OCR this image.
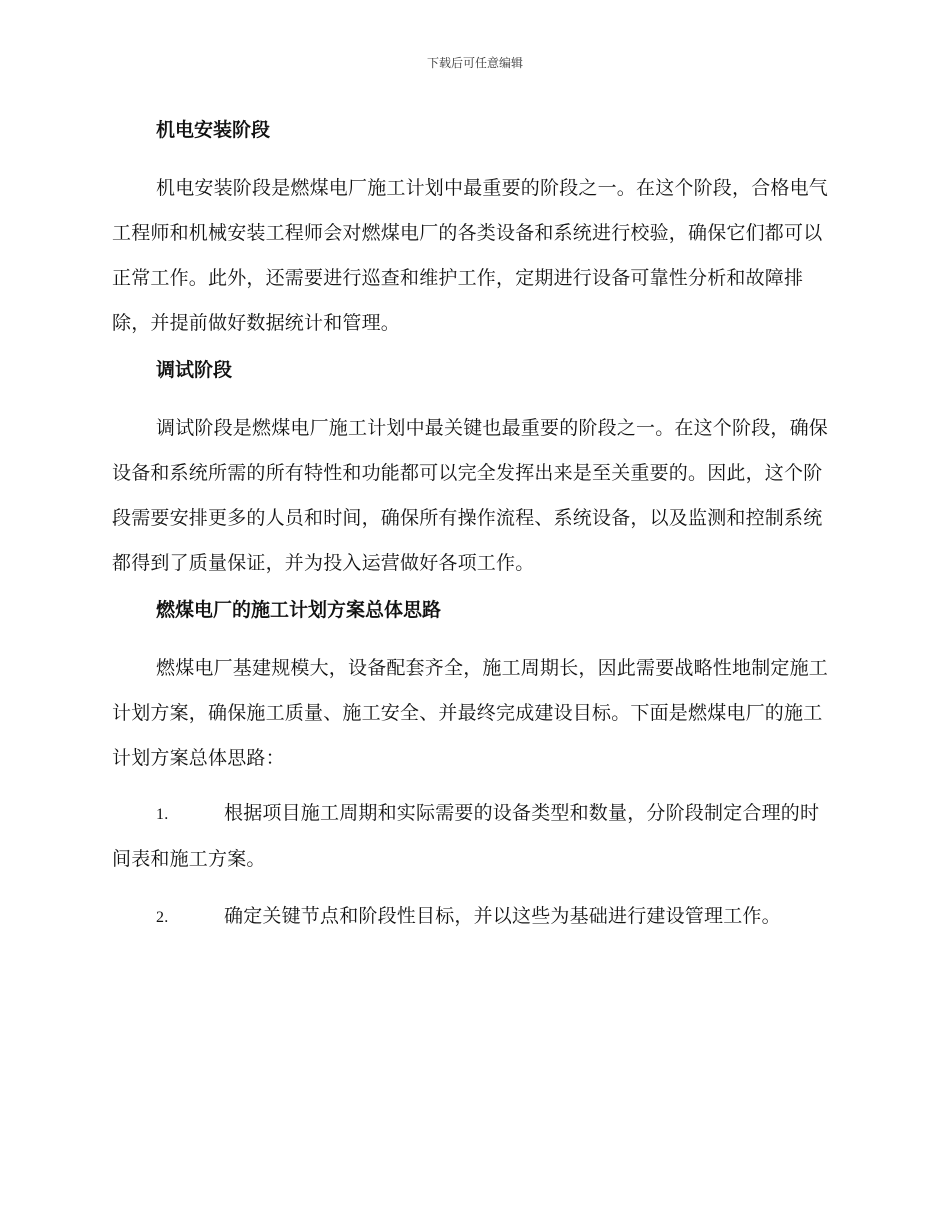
下载后可任意编辑
机电安装阶段

机电安装阶段是燃煤电厂施工计划中最重要的阶段之一。在这个阶段，合格电气工程师和机械安装工程师会对燃煤电厂的各类设备和系统进行校验，确保它们都可以正常工作。此外，还需要进行巡查和维护工作，定期进行设备可靠性分析和故障排除，并提前做好数据统计和管理。

调试阶段

调试阶段是燃煤电厂施工计划中最关键也最重要的阶段之一。在这个阶段，确保设备和系统所需的所有特性和功能都可以完全发挥出来是至关重要的。因此，这个阶段需要安排更多的人员和时间，确保所有操作流程、系统设备，以及监测和控制系统都得到了质量保证，并为投入运营做好各项工作。

燃煤电厂的施工计划方案总体思路

燃煤电厂基建规模大，设备配套齐全，施工周期长，因此需要战略性地制定施工计划方案，确保施工质量、施工安全、并最终完成建设目标。下面是燃煤电厂的施工计划方案总体思路：

1.	根据项目施工周期和实际需要的设备类型和数量，分阶段制定合理的时间表和施工方案。

2.	确定关键节点和阶段性目标，并以这些为基础进行建设管理工作。
